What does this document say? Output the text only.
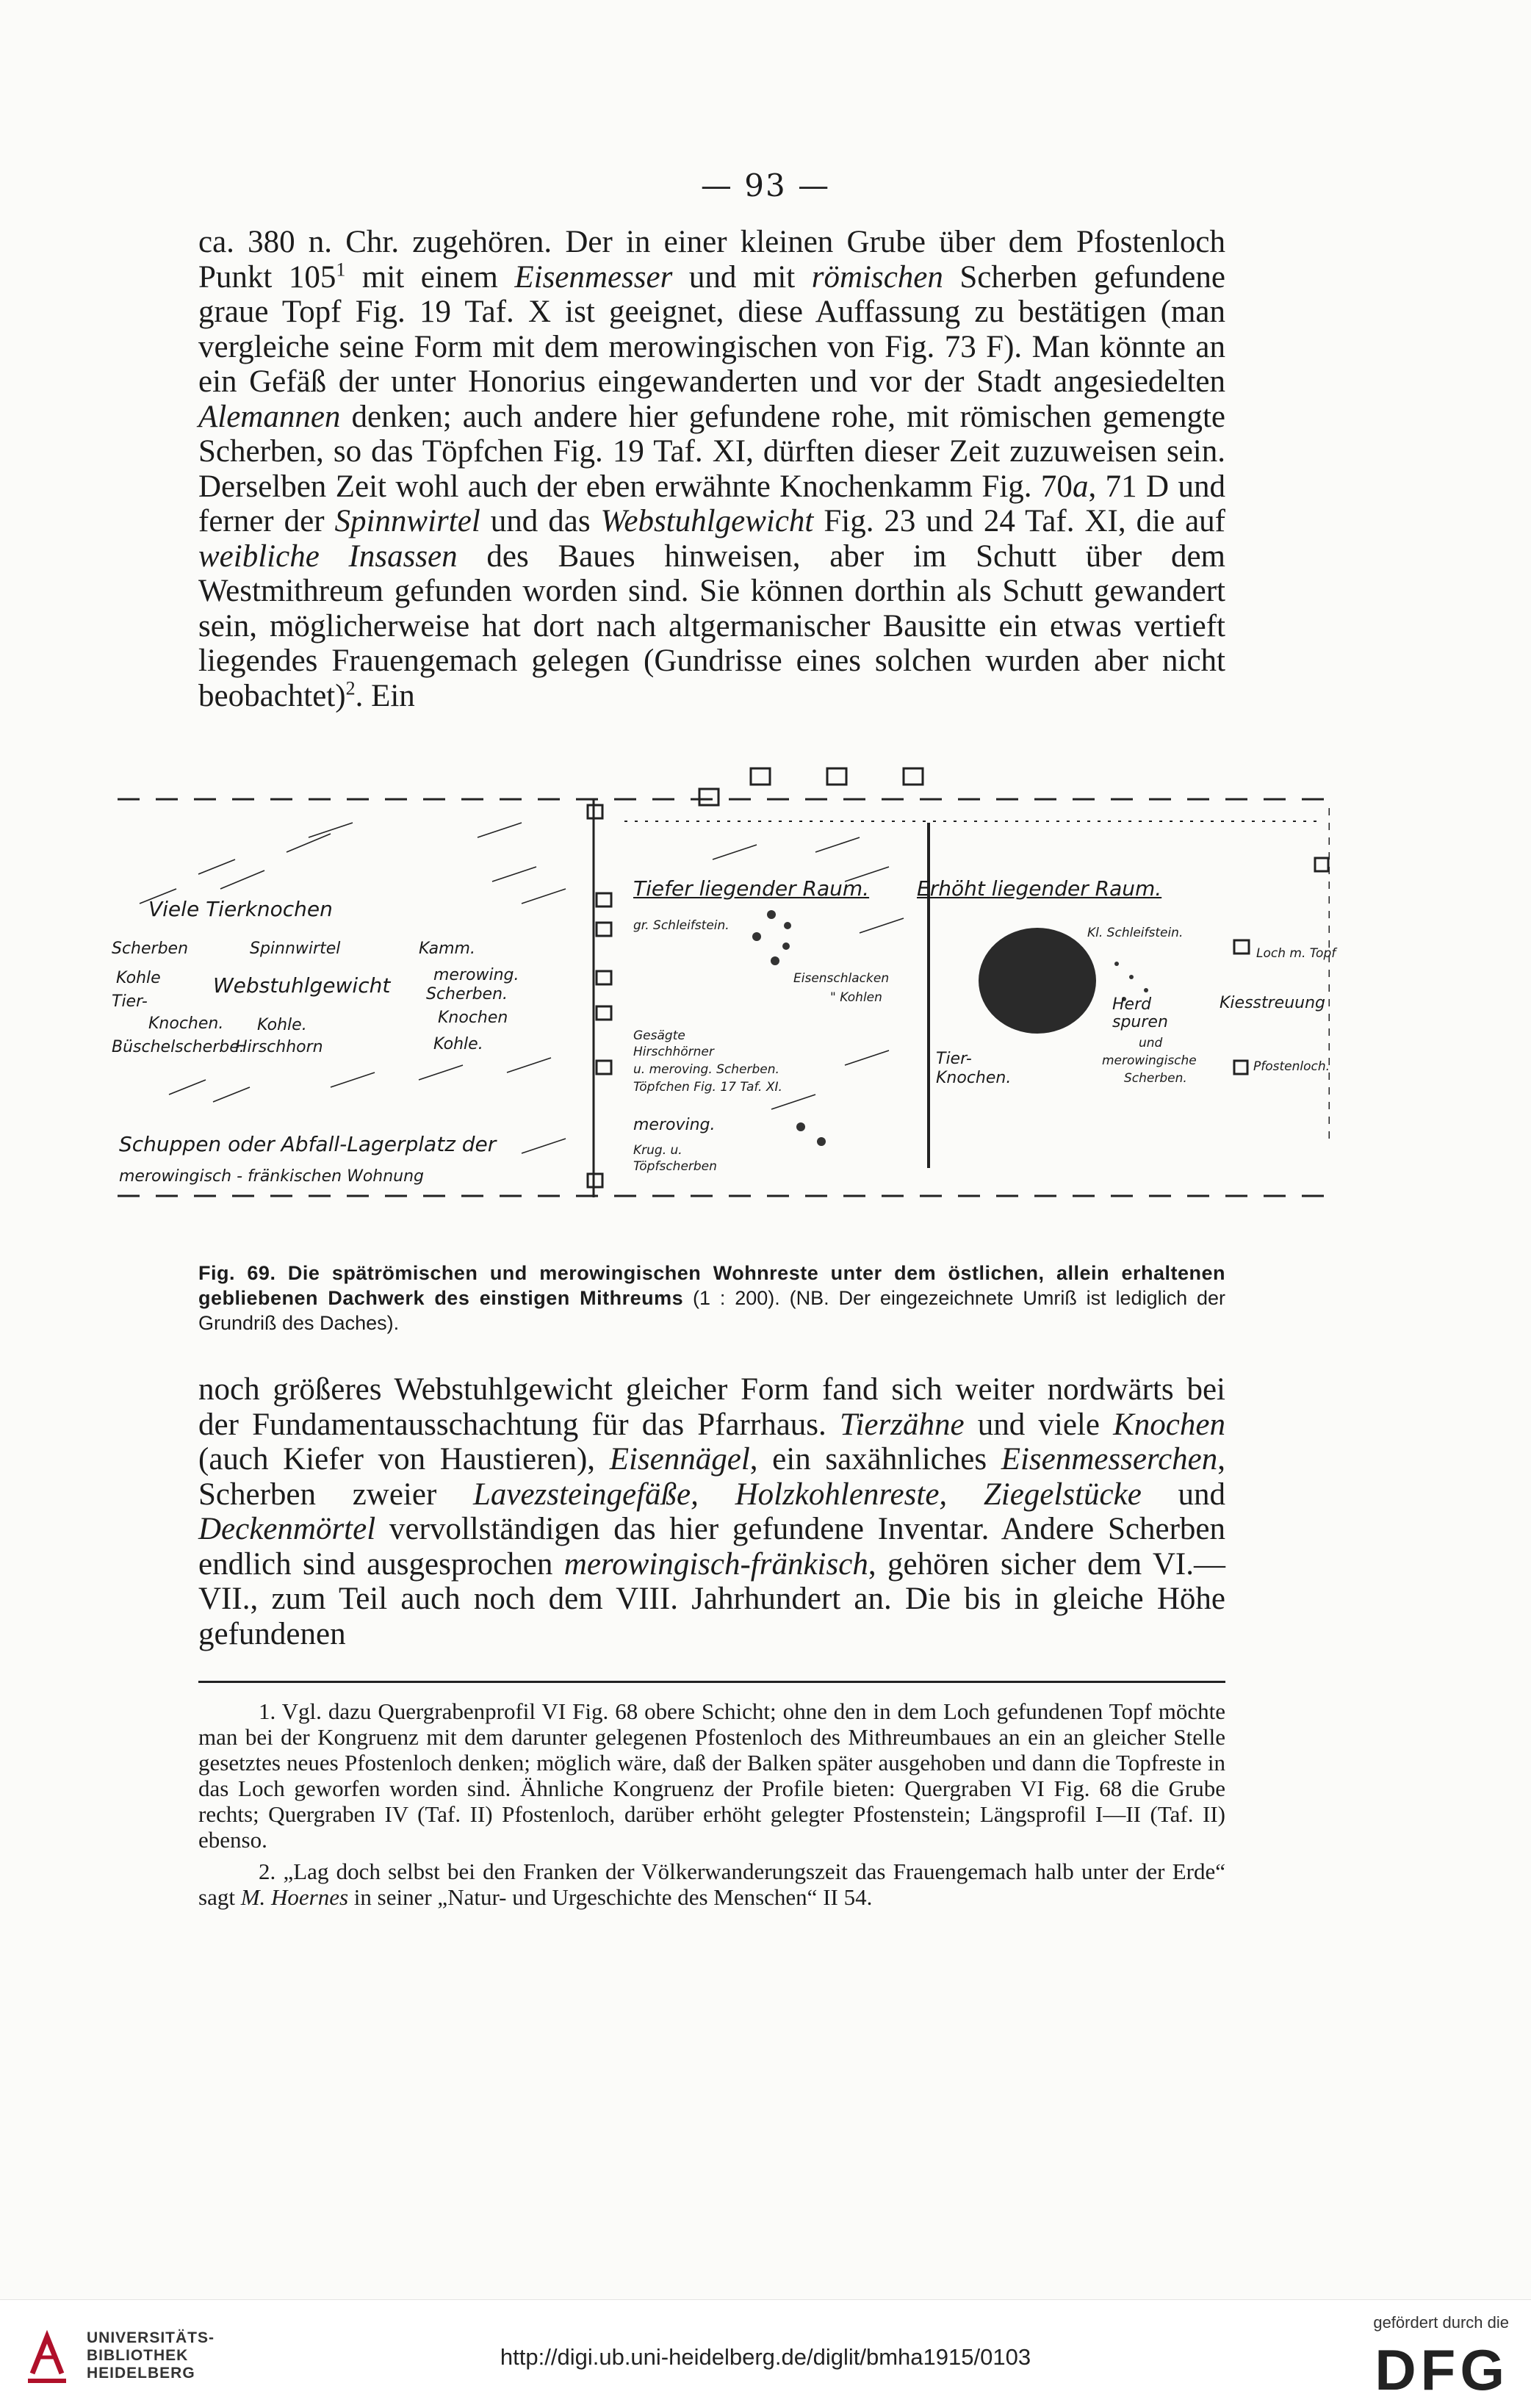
— 93 —

ca. 380 n. Chr. zugehören. Der in einer kleinen Grube über dem Pfostenloch Punkt $105^1$ mit einem Eisenmesser und mit römischen Scherben gefundene graue Topf Fig. 19 Taf. X ist geeignet, diese Auffassung zu bestätigen (man vergleiche seine Form mit dem merowingischen von Fig. 73 F). Man könnte an ein Gefäß der unter Honorius eingewanderten und vor der Stadt angesiedelten Alemannen denken; auch andere hier gefundene rohe, mit römischen gemengte Scherben, so das Töpfchen Fig. 19 Taf. XI, dürften dieser Zeit zuzuweisen sein. Derselben Zeit wohl auch der eben erwähnte Knochenkamm Fig. 70a, 71 D und ferner der Spinnwirtel und das Webstuhlgewicht Fig. 23 und 24 Taf. XI, die auf weibliche Insassen des Baues hinweisen, aber im Schutt über dem Westmithreum gefunden worden sind. Sie können dorthin als Schutt gewandert sein, möglicherweise hat dort nach altgermanischer Bausitte ein etwas vertieft liegendes Frauengemach gelegen (Gundrisse eines solchen wurden aber nicht beobachtet)$^2$. Ein

Viele Tierknochen
Scherben	Spinnwirtel	Kamm.
Kohle	Webstuhlgewicht	merowing.
Scherben.
Tier-
Knochen. Kohle.	Knochen
Büschelscherbe.
Hirschhorn	Kohle.
Schuppen oder Abfall-Lagerplatz der
merowingisch - fränkischen Wohnung
Tiefer liegender Raum.
gr. Schleifstein.
Eisenschlacken
" Kohlen
Gesägte
Hirschhörner
u. meroving. Scherben.
Töpfchen Fig. 17 Taf. XI.
meroving.
Krug. u.
Töpfscherben
Erhöht liegender Raum.
Kl. Schleifstein.
Loch m. Topf
Kiesstreuung
Herd
spuren
und
merowingische
Scherben.
Pfostenloch.
Tier-
Knochen.
Fig. 69. Die spätrömischen und merowingischen Wohnreste unter dem östlichen, allein erhaltenen gebliebenen Dachwerk des einstigen Mithreums (1 : 200). (NB. Der eingezeichnete Umriß ist lediglich der Grundriß des Daches).

noch größeres Webstuhlgewicht gleicher Form fand sich weiter nordwärts bei der Fundamentausschachtung für das Pfarrhaus. Tierzähne und viele Knochen (auch Kiefer von Haustieren), Eisennägel, ein saxähnliches Eisenmesserchen, Scherben zweier Lavezsteingefäße, Holzkohlenreste, Ziegelstücke und Deckenmörtel vervollständigen das hier gefundene Inventar. Andere Scherben endlich sind ausgesprochen merowingisch-fränkisch, gehören sicher dem VI.—VII., zum Teil auch noch dem VIII. Jahrhundert an. Die bis in gleiche Höhe gefundenen

1. Vgl. dazu Quergrabenprofil VI Fig. 68 obere Schicht; ohne den in dem Loch gefundenen Topf möchte man bei der Kongruenz mit dem darunter gelegenen Pfostenloch des Mithreumbaues an ein an gleicher Stelle gesetztes neues Pfostenloch denken; möglich wäre, daß der Balken später ausgehoben und dann die Topfreste in das Loch geworfen worden sind. Ähnliche Kongruenz der Profile bieten: Quergraben VI Fig. 68 die Grube rechts; Quergraben IV (Taf. II) Pfostenloch, darüber erhöht gelegter Pfostenstein; Längsprofil I—II (Taf. II) ebenso.

2. „Lag doch selbst bei den Franken der Völkerwanderungszeit das Frauengemach halb unter der Erde“ sagt M. Hoernes in seiner „Natur- und Urgeschichte des Menschen“ II 54.

UNIVERSITÄTS-
BIBLIOTHEK
HEIDELBERG
http://digi.ub.uni-heidelberg.de/diglit/bmha1915/0103
gefördert durch die
DFG
